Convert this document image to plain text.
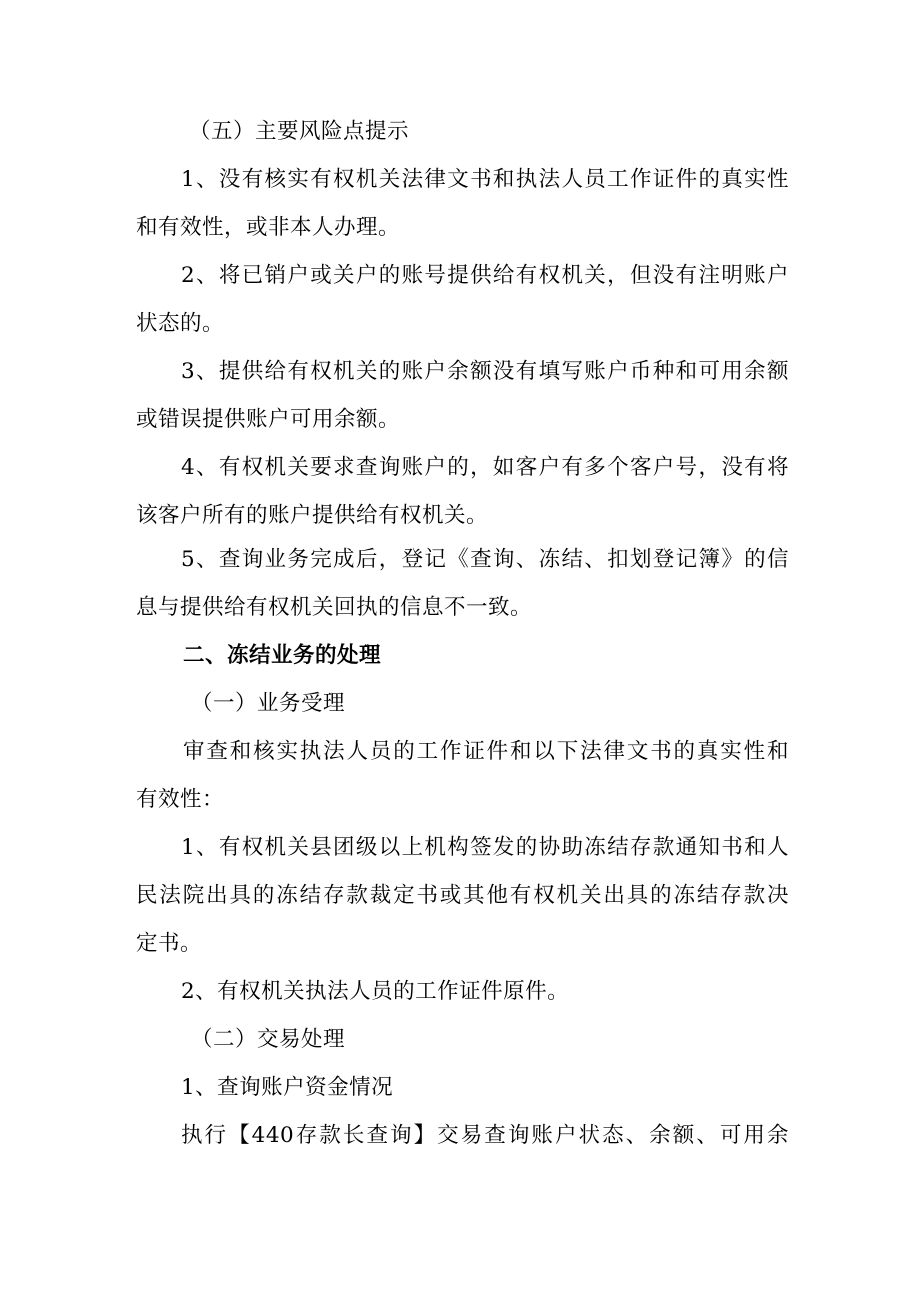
（五）主要风险点提示
1、没有核实有权机关法律文书和执法人员工作证件的真实性
和有效性，或非本人办理。
2、将已销户或关户的账号提供给有权机关，但没有注明账户
状态的。
3、提供给有权机关的账户余额没有填写账户币种和可用余额
或错误提供账户可用余额。
4、有权机关要求查询账户的，如客户有多个客户号，没有将
该客户所有的账户提供给有权机关。
5、查询业务完成后，登记《查询、冻结、扣划登记簿》的信
息与提供给有权机关回执的信息不一致。
二、冻结业务的处理
（一）业务受理
审查和核实执法人员的工作证件和以下法律文书的真实性和
有效性：
1、有权机关县团级以上机构签发的协助冻结存款通知书和人
民法院出具的冻结存款裁定书或其他有权机关出具的冻结存款决
定书。
2、有权机关执法人员的工作证件原件。
（二）交易处理
1、查询账户资金情况
执行【440存款长查询】交易查询账户状态、余额、可用余
